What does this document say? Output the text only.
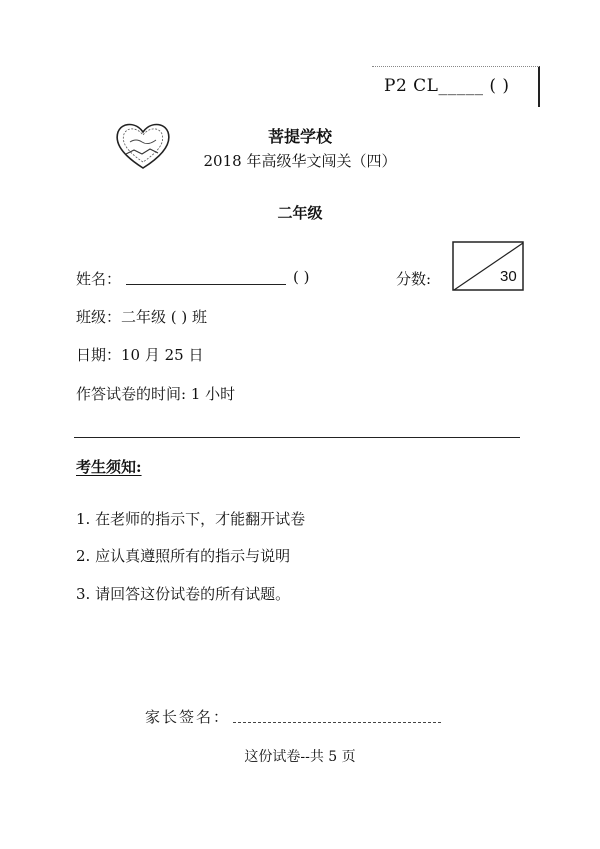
P2 CL_____ ( )
菩提学校
2018 年高级华文闯关（四）
二年级
姓名：	( )	分数:	30
班级：二年级 ( ) 班
日期：10 月 25 日
作答试卷的时间: 1 小时
考生须知:
1. 在老师的指示下，才能翻开试卷
2. 应认真遵照所有的指示与说明
3. 请回答这份试卷的所有试题。
家长签名：
这份试卷--共 5 页
